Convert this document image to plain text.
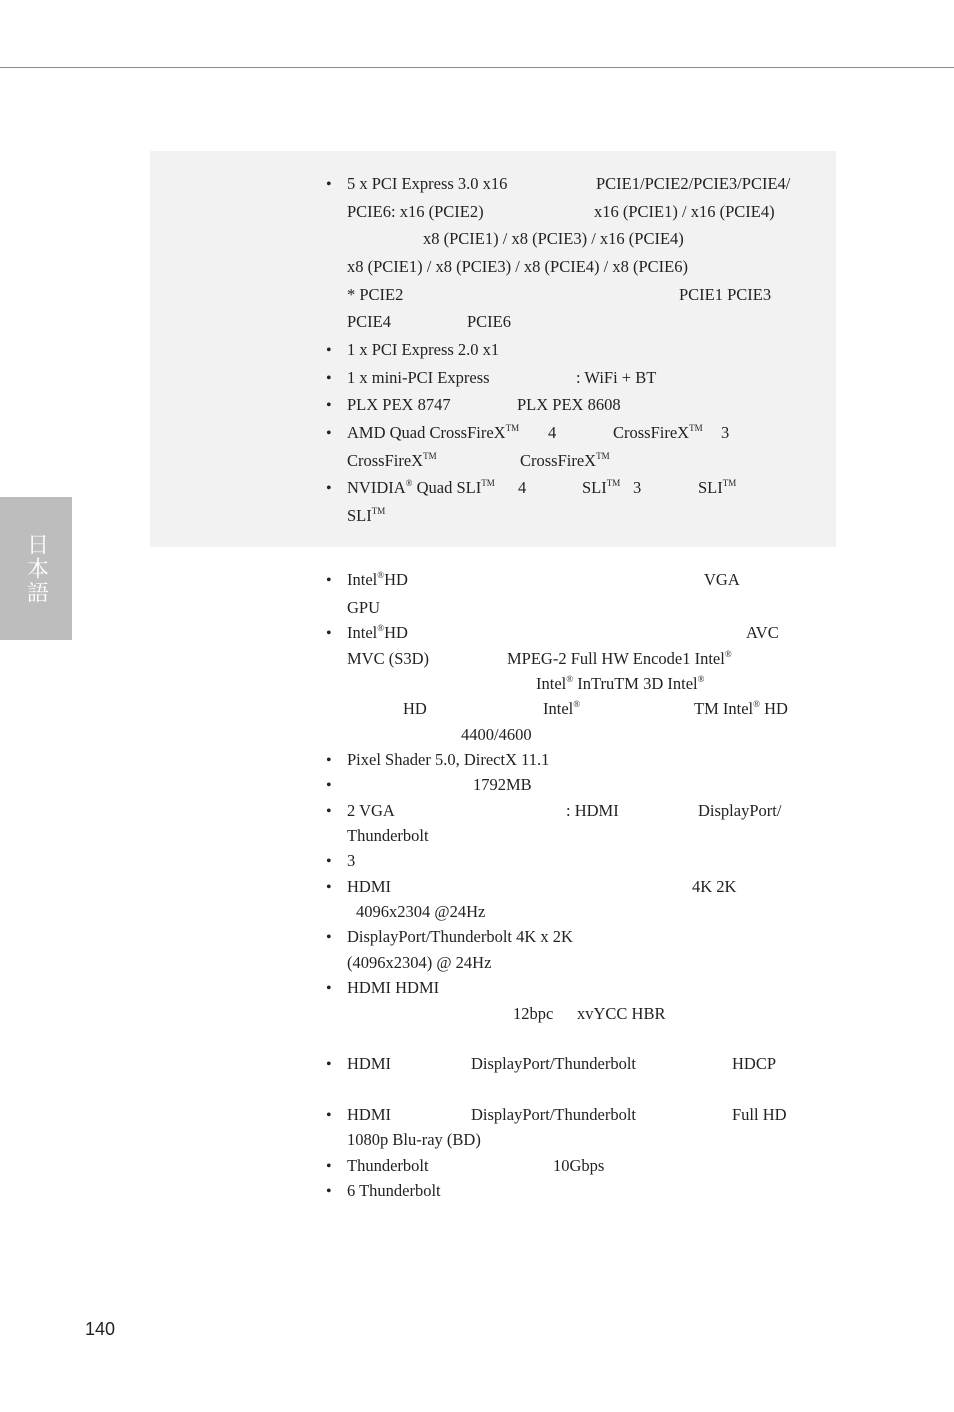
日本語
140
•
•
•
•
•
•
5 x PCI Express 3.0 x16	PCIE1/PCIE2/PCIE3/PCIE4/
PCIE6: x16 (PCIE2)	x16 (PCIE1) / x16 (PCIE4)
x8 (PCIE1) / x8 (PCIE3) / x16 (PCIE4)
x8 (PCIE1) / x8 (PCIE3) / x8 (PCIE4) / x8 (PCIE6)
* PCIE2	PCIE1 PCIE3
PCIE4	PCIE6
1 x PCI Express 2.0 x1
1 x mini-PCI Express	: WiFi + BT
PLX PEX 8747	PLX PEX 8608
AMD Quad CrossFireX™ 4	CrossFireX™ 3
CrossFireX™	CrossFireX™
NVIDIA® Quad SLI™ 4	SLI™ 3	SLI™
SLI™
•
•
•
•
•
•
•
•
•
•
•
•
•
Intel®HD	VGA
GPU
Intel®HD	AVC
MVC (S3D)	MPEG-2 Full HW Encode1 Intel®
Intel® InTruTM 3D Intel®
HD	Intel®	TM Intel® HD
4400/4600
Pixel Shader 5.0, DirectX 11.1
1792MB
2 VGA	: HDMI	DisplayPort/
Thunderbolt
3
HDMI	4K 2K
4096x2304 @24Hz
DisplayPort/Thunderbolt 4K x 2K
(4096x2304) @ 24Hz
HDMI HDMI
12bpc xvYCC HBR
HDMI	DisplayPort/Thunderbolt	HDCP
HDMI	DisplayPort/Thunderbolt	Full HD
1080p Blu-ray (BD)
Thunderbolt	10Gbps
6 Thunderbolt
